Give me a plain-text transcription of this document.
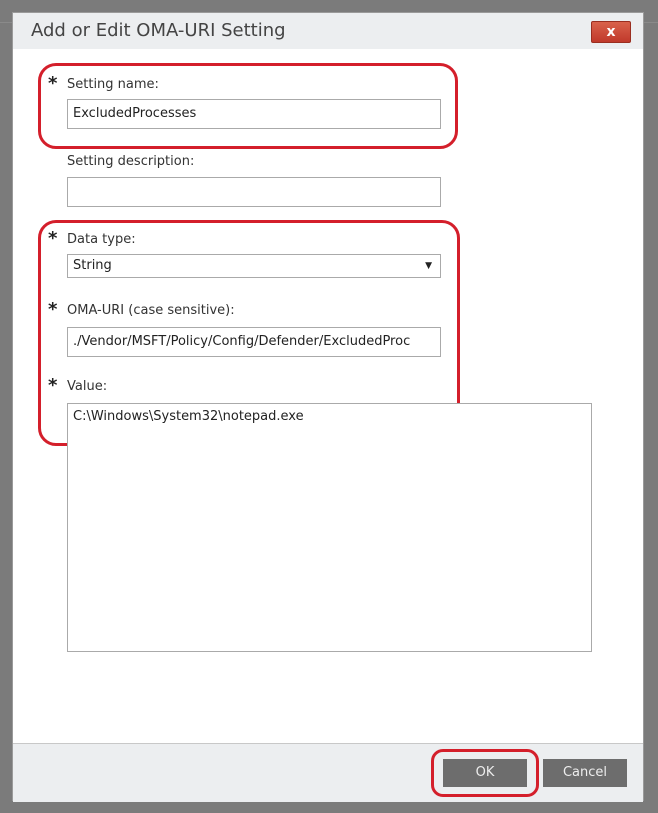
Add or Edit OMA-URI Setting	x
* Setting name:
ExcludedProcesses
Setting description:
* Data type:
String	▼
* OMA-URI (case sensitive):
./Vendor/MSFT/Policy/Config/Defender/ExcludedProc
* Value:
C:\Windows\System32\notepad.exe
OK	Cancel
